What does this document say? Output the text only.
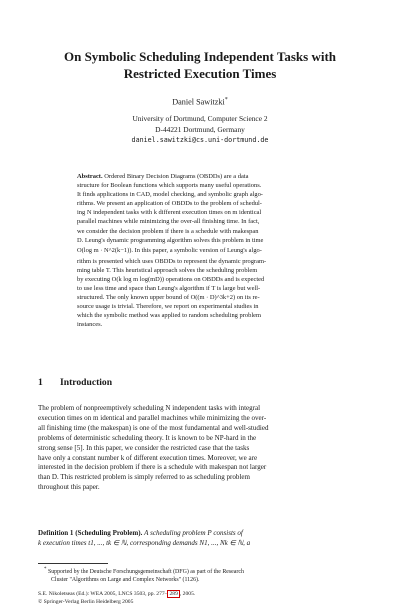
On Symbolic Scheduling Independent Tasks with
Restricted Execution Times
Daniel Sawitzki*
University of Dortmund, Computer Science 2
D-44221 Dortmund, Germany
daniel.sawitzki@cs.uni-dortmund.de
Abstract. Ordered Binary Decision Diagrams (OBDDs) are a data
structure for Boolean functions which supports many useful operations.
It finds applications in CAD, model checking, and symbolic graph algo-
rithms. We present an application of OBDDs to the problem of schedul-
ing N independent tasks with k different execution times on m identical
parallel machines while minimizing the over-all finishing time. In fact,
we consider the decision problem if there is a schedule with makespan
D. Leung's dynamic programming algorithm solves this problem in time
O(log m · N^2(k−1)). In this paper, a symbolic version of Leung's algo-
rithm is presented which uses OBDDs to represent the dynamic program-
ming table T. This heuristical approach solves the scheduling problem
by executing O(k log m log(mD)) operations on OBDDs and is expected
to use less time and space than Leung's algorithm if T is large but well-
structured. The only known upper bound of O((m · D)^3k+2) on its re-
source usage is trivial. Therefore, we report on experimental studies in
which the symbolic method was applied to random scheduling problem
instances.
1 Introduction
The problem of nonpreemptively scheduling N independent tasks with integral
execution times on m identical and parallel machines while minimizing the over-
all finishing time (the makespan) is one of the most fundamental and well-studied
problems of deterministic scheduling theory. It is known to be NP-hard in the
strong sense [5]. In this paper, we consider the restricted case that the tasks
have only a constant number k of different execution times. Moreover, we are
interested in the decision problem if there is a schedule with makespan not larger
than D. This restricted problem is simply referred to as scheduling problem
throughout this paper.
Definition 1 (Scheduling Problem). A scheduling problem P consists of
k execution times t1, ..., tk ∈ ℕ, corresponding demands N1, ..., Nk ∈ ℕ, a
* Supported by the Deutsche Forschungsgemeinschaft (DFG) as part of the Research
Cluster "Algorithms on Large and Complex Networks" (1126).
S.E. Nikoletseas (Ed.): WEA 2005, LNCS 3503, pp. 277– 289 , 2005.
© Springer-Verlag Berlin Heidelberg 2005
